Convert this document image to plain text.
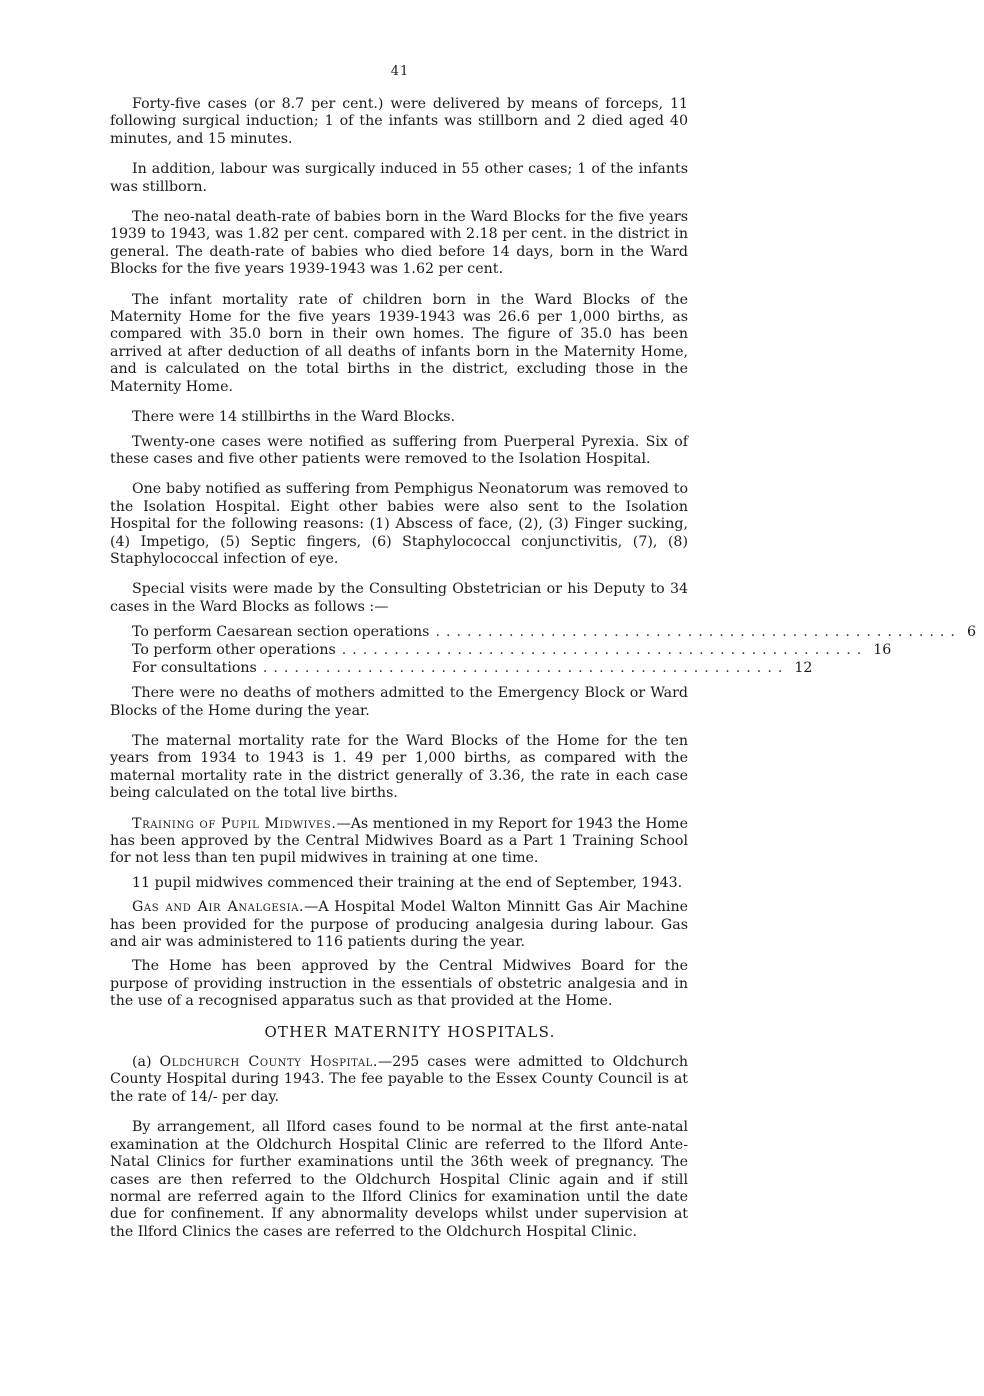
41

Forty-five cases (or 8.7 per cent.) were delivered by means of forceps, 11 following surgical induction; 1 of the infants was stillborn and 2 died aged 40 minutes, and 15 minutes.

In addition, labour was surgically induced in 55 other cases; 1 of the infants was stillborn.

The neo-natal death-rate of babies born in the Ward Blocks for the five years 1939 to 1943, was 1.82 per cent. compared with 2.18 per cent. in the district in general. The death-rate of babies who died before 14 days, born in the Ward Blocks for the five years 1939-1943 was 1.62 per cent.

The infant mortality rate of children born in the Ward Blocks of the Maternity Home for the five years 1939-1943 was 26.6 per 1,000 births, as compared with 35.0 born in their own homes. The figure of 35.0 has been arrived at after deduction of all deaths of infants born in the Maternity Home, and is calculated on the total births in the district, excluding those in the Maternity Home.

There were 14 stillbirths in the Ward Blocks.

Twenty-one cases were notified as suffering from Puerperal Pyrexia. Six of these cases and five other patients were removed to the Isolation Hospital.

One baby notified as suffering from Pemphigus Neonatorum was removed to the Isolation Hospital. Eight other babies were also sent to the Isolation Hospital for the following reasons: (1) Abscess of face, (2), (3) Finger sucking, (4) Impetigo, (5) Septic fingers, (6) Staphylococcal conjunctivitis, (7), (8) Staphylococcal infection of eye.

Special visits were made by the Consulting Obstetrician or his Deputy to 34 cases in the Ward Blocks as follows :—

To perform Caesarean section operations .................................................. 6
To perform other operations .................................................. 16
For consultations .................................................. 12

There were no deaths of mothers admitted to the Emergency Block or Ward Blocks of the Home during the year.

The maternal mortality rate for the Ward Blocks of the Home for the ten years from 1934 to 1943 is 1. 49 per 1,000 births, as compared with the maternal mortality rate in the district generally of 3.36, the rate in each case being calculated on the total live births.

Training of Pupil Midwives.—As mentioned in my Report for 1943 the Home has been approved by the Central Midwives Board as a Part 1 Training School for not less than ten pupil midwives in training at one time.

11 pupil midwives commenced their training at the end of September, 1943.

Gas and Air Analgesia.—A Hospital Model Walton Minnitt Gas Air Machine has been provided for the purpose of producing analgesia during labour. Gas and air was administered to 116 patients during the year.

The Home has been approved by the Central Midwives Board for the purpose of providing instruction in the essentials of obstetric analgesia and in the use of a recognised apparatus such as that provided at the Home.

OTHER MATERNITY HOSPITALS.

(a) Oldchurch County Hospital.—295 cases were admitted to Oldchurch County Hospital during 1943. The fee payable to the Essex County Council is at the rate of 14/- per day.

By arrangement, all Ilford cases found to be normal at the first ante-natal examination at the Oldchurch Hospital Clinic are referred to the Ilford Ante-Natal Clinics for further examinations until the 36th week of pregnancy. The cases are then referred to the Oldchurch Hospital Clinic again and if still normal are referred again to the Ilford Clinics for examination until the date due for confinement. If any abnormality develops whilst under supervision at the Ilford Clinics the cases are referred to the Oldchurch Hospital Clinic.
